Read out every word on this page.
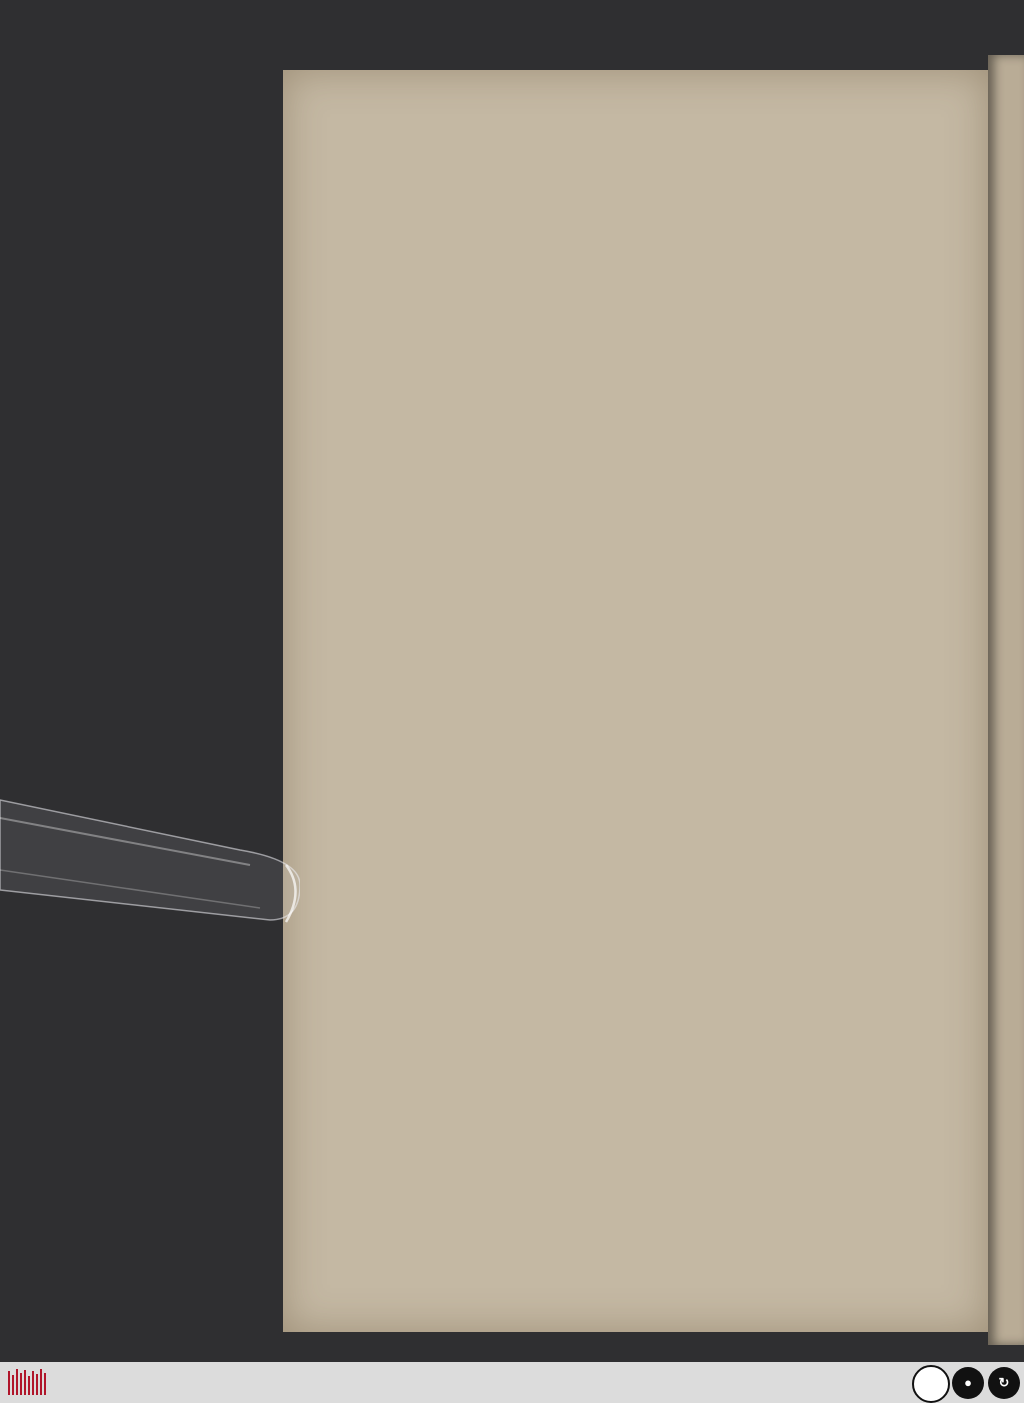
●	↻
